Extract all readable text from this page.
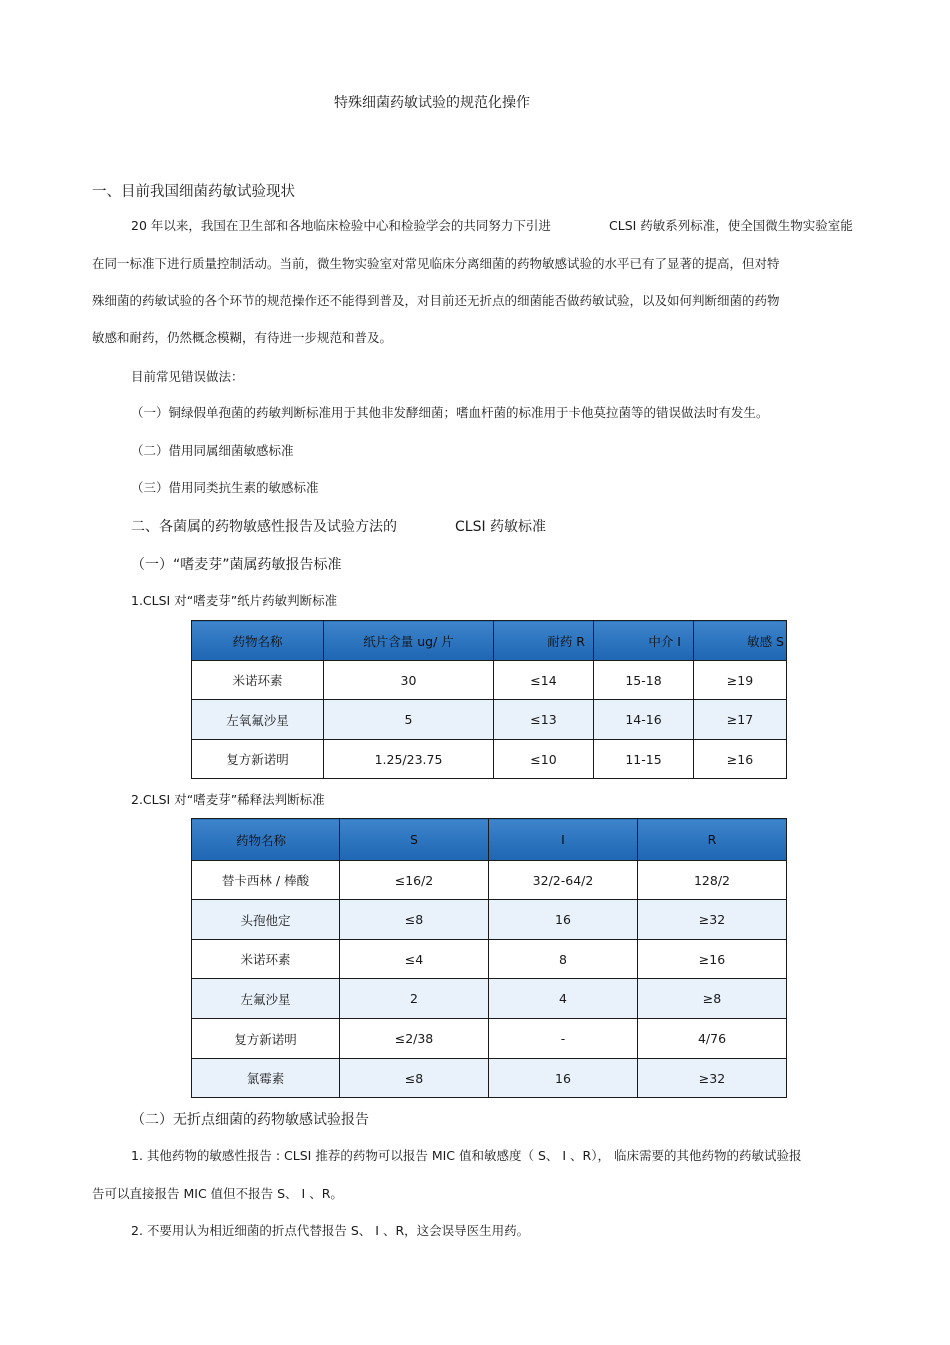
特殊细菌药敏试验的规范化操作
一、目前我国细菌药敏试验现状
20 年以来，我国在卫生部和各地临床检验中心和检验学会的共同努力下引进	CLSI 药敏系列标准，使全国微生物实验室能
在同一标准下进行质量控制活动。当前，微生物实验室对常见临床分离细菌的药物敏感试验的水平已有了显著的提高，但对特
殊细菌的药敏试验的各个环节的规范操作还不能得到普及，对目前还无折点的细菌能否做药敏试验，以及如何判断细菌的药物
敏感和耐药，仍然概念模糊，有待进一步规范和普及。
目前常见错误做法：
（一）铜绿假单孢菌的药敏判断标准用于其他非发酵细菌；嗜血杆菌的标准用于卡他莫拉菌等的错误做法时有发生。
（二）借用同属细菌敏感标准
（三）借用同类抗生素的敏感标准
二、各菌属的药物敏感性报告及试验方法的	CLSI 药敏标准
（一）“嗜麦芽”菌属药敏报告标准
1.CLSI 对“嗜麦芽”纸片药敏判断标准
药物名称	纸片含量 ug/ 片	耐药 R	中介 I	敏感 S
米诺环素	30	≤14	15-18	≥19
左氧氟沙星	5	≤13	14-16	≥17
复方新诺明	1.25/23.75	≤10	11-15	≥16
2.CLSI 对“嗜麦芽”稀释法判断标准
药物名称	S	I	R
替卡西林 / 棒酸	≤16/2	32/2-64/2	128/2
头孢他定	≤8	16	≥32
米诺环素	≤4	8	≥16
左氟沙星	2	4	≥8
复方新诺明	≤2/38	-	4/76
氯霉素	≤8	16	≥32
（二）无折点细菌的药物敏感试验报告
1. 其他药物的敏感性报告 : CLSI 推荐的药物可以报告 MIC 值和敏感度（ S、 I 、R）， 临床需要的其他药物的药敏试验报
告可以直接报告 MIC 值但不报告 S、 I 、R。
2. 不要用认为相近细菌的折点代替报告 S、 I 、R，这会误导医生用药。
